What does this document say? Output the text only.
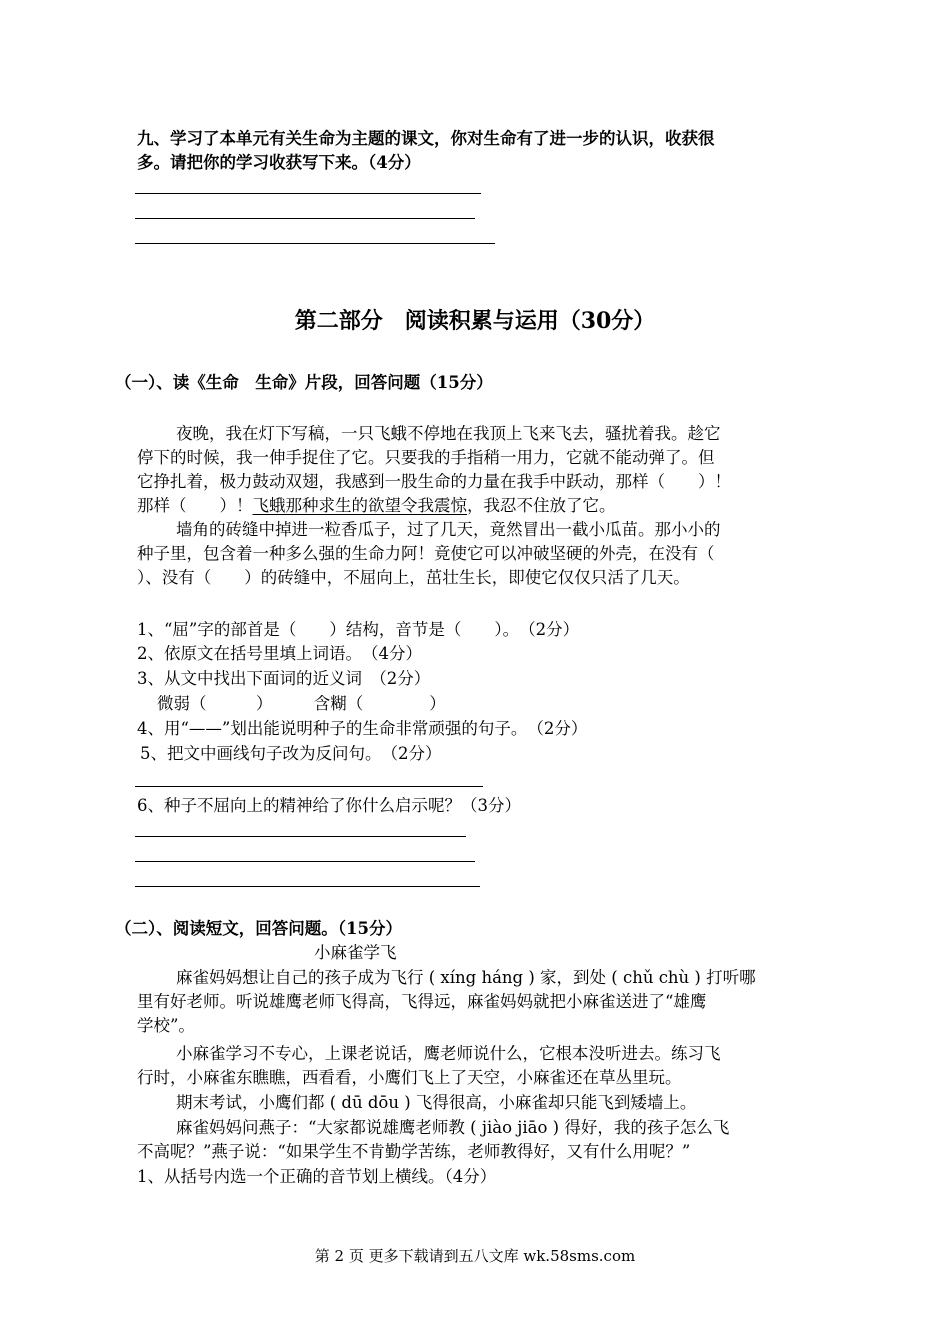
九、学习了本单元有关生命为主题的课文，你对生命有了进一步的认识，收获很
多。请把你的学习收获写下来。（4分）
第二部分　阅读积累与运用（30分）
（一）、读《生命　生命》片段，回答问题（15分）
夜晚，我在灯下写稿，一只飞蛾不停地在我顶上飞来飞去，骚扰着我。趁它
停下的时候，我一伸手捉住了它。只要我的手指稍一用力，它就不能动弹了。但
它挣扎着，极力鼓动双翅，我感到一股生命的力量在我手中跃动，那样（　　）！
那样（　　）！飞蛾那种求生的欲望令我震惊，我忍不住放了它。
墙角的砖缝中掉进一粒香瓜子，过了几天，竟然冒出一截小瓜苗。那小小的
种子里，包含着一种多么强的生命力阿！竟使它可以冲破坚硬的外壳，在没有（
）、没有（　　）的砖缝中，不屈向上，茁壮生长，即使它仅仅只活了几天。
1、“屈”字的部首是（　　）结构，音节是（　　）。　（2分）
2、依原文在括号里填上词语。　（4分）
3、从文中找出下面词的近义词　（2分）
微弱（　　　）　　　含糊（　　　　）
4、用“——”划出能说明种子的生命非常顽强的句子。　（2分）
5、把文中画线句子改为反问句。　（2分）
6、种子不屈向上的精神给了你什么启示呢？（3分）
（二）、阅读短文，回答问题。（15分）
小麻雀学飞
麻雀妈妈想让自己的孩子成为飞行 ( xíng háng ) 家，到处 ( chǔ chù ) 打听哪
里有好老师。听说雄鹰老师飞得高，飞得远，麻雀妈妈就把小麻雀送进了“雄鹰
学校”。
小麻雀学习不专心，上课老说话，鹰老师说什么，它根本没听进去。练习飞
行时，小麻雀东瞧瞧，西看看，小鹰们飞上了天空，小麻雀还在草丛里玩。
期末考试，小鹰们都 ( dū dōu ) 飞得很高，小麻雀却只能飞到矮墙上。
麻雀妈妈问燕子：“大家都说雄鹰老师教 ( jiào jiāo ) 得好，我的孩子怎么飞
不高呢？”燕子说：“如果学生不肯勤学苦练，老师教得好，又有什么用呢？”
1、从括号内选一个正确的音节划上横线。（4分）
第 2 页 更多下载请到五八文库 wk.58sms.com
